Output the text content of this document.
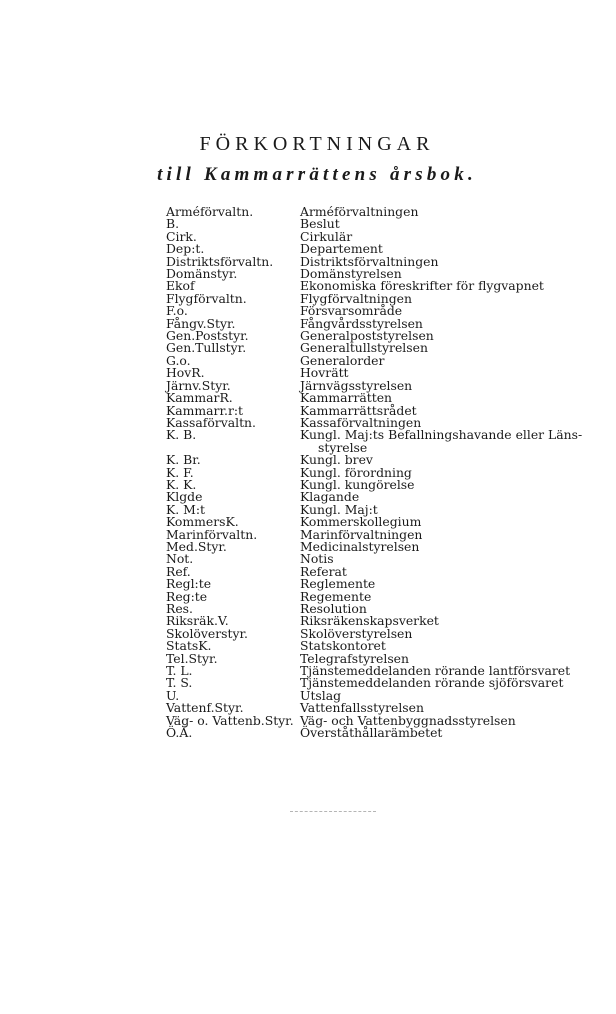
FÖRKORTNINGAR
till Kammarrättens årsbok.
Arméförvaltn.	Arméförvaltningen
B.	Beslut
Cirk.	Cirkulär
Dep:t.	Departement
Distriktsförvaltn.	Distriktsförvaltningen
Domänstyr.	Domänstyrelsen
Ekof	Ekonomiska föreskrifter för flygvapnet
Flygförvaltn.	Flygförvaltningen
F.o.	Försvarsområde
Fångv.Styr.	Fångvårdsstyrelsen
Gen.Poststyr.	Generalpoststyrelsen
Gen.Tullstyr.	Generaltullstyrelsen
G.o.	Generalorder
HovR.	Hovrätt
Järnv.Styr.	Järnvägsstyrelsen
KammarR.	Kammarrätten
Kammarr.r:t	Kammarrättsrådet
Kassaförvaltn.	Kassaförvaltningen
K. B.	Kungl. Maj:ts Befallningshavande eller Läns-
styrelse
K. Br.	Kungl. brev
K. F.	Kungl. förordning
K. K.	Kungl. kungörelse
Klgde	Klagande
K. M:t	Kungl. Maj:t
KommersK.	Kommerskollegium
Marinförvaltn.	Marinförvaltningen
Med.Styr.	Medicinalstyrelsen
Not.	Notis
Ref.	Referat
Regl:te	Reglemente
Reg:te	Regemente
Res.	Resolution
Riksräk.V.	Riksräkenskapsverket
Skolöverstyr.	Skolöverstyrelsen
StatsK.	Statskontoret
Tel.Styr.	Telegrafstyrelsen
T. L.	Tjänstemeddelanden rörande lantförsvaret
T. S.	Tjänstemeddelanden rörande sjöförsvaret
U.	Utslag
Vattenf.Styr.	Vattenfallsstyrelsen
Väg- o. Vattenb.Styr. Väg- och Vattenbyggnadsstyrelsen
Ö.Ä.	Överståthållarämbetet
